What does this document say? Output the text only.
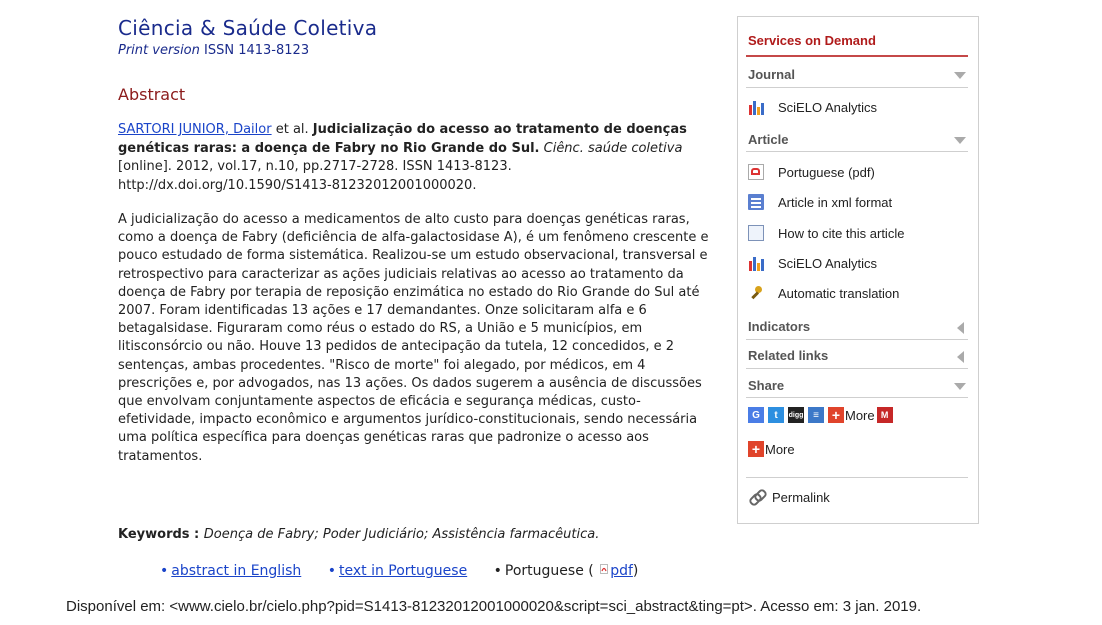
Ciência & Saúde Coletiva
Print version ISSN 1413-8123
Abstract
SARTORI JUNIOR, Dailor et al. Judicialização do acesso ao tratamento de doenças genéticas raras: a doença de Fabry no Rio Grande do Sul. Ciênc. saúde coletiva [online]. 2012, vol.17, n.10, pp.2717-2728. ISSN 1413-8123. http://dx.doi.org/10.1590/S1413-81232012001000020.
A judicialização do acesso a medicamentos de alto custo para doenças genéticas raras, como a doença de Fabry (deficiência de alfa-galactosidase A), é um fenômeno crescente e pouco estudado de forma sistemática. Realizou-se um estudo observacional, transversal e retrospectivo para caracterizar as ações judiciais relativas ao acesso ao tratamento da doença de Fabry por terapia de reposição enzimática no estado do Rio Grande do Sul até 2007. Foram identificadas 13 ações e 17 demandantes. Onze solicitaram alfa e 6 betagalsidase. Figuraram como réus o estado do RS, a União e 5 municípios, em litisconsórcio ou não. Houve 13 pedidos de antecipação da tutela, 12 concedidos, e 2 sentenças, ambas procedentes. "Risco de morte" foi alegado, por médicos, em 4 prescrições e, por advogados, nas 13 ações. Os dados sugerem a ausência de discussões que envolvam conjuntamente aspectos de eficácia e segurança médicas, custo-efetividade, impacto econômico e argumentos jurídico-constitucionais, sendo necessária uma política específica para doenças genéticas raras que padronize o acesso aos tratamentos.
Keywords : Doença de Fabry; Poder Judiciário; Assistência farmacêutica.
• abstract in English • text in Portuguese • Portuguese ( pdf)
Disponível em: <www.cielo.br/cielo.php?pid=S1413-81232012001000020&script=sci_abstract&ting=pt>. Acesso em: 3 jan. 2019.
Services on Demand
Journal
SciELO Analytics
Article
Portuguese (pdf)
Article in xml format
How to cite this article
SciELO Analytics
Automatic translation
Indicators
Related links
Share
G	t	digg ≡ + More M
+ More
Permalink
